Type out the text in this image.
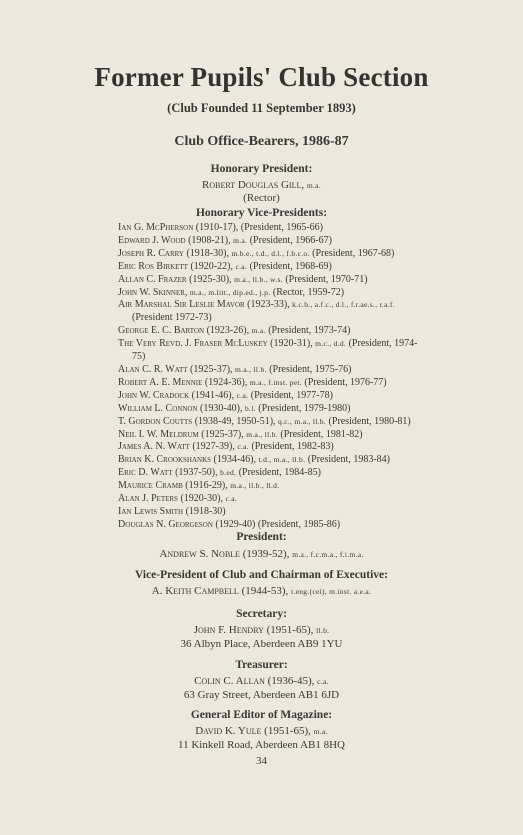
Former Pupils' Club Section
(Club Founded 11 September 1893)
Club Office-Bearers, 1986-87
Honorary President:
Robert Douglas Gill, m.a.
(Rector)
Honorary Vice-Presidents:
Ian G. McPherson (1910-17), (President, 1965-66)
Edward J. Wood (1908-21), m.a. (President, 1966-67)
Joseph R. Carry (1918-30), m.b.e., t.d., d.l., f.b.c.o. (President, 1967-68)
Eric Ros Birkett (1920-22), c.a. (President, 1968-69)
Allan C. Frazer (1925-30), m.a., ll.b., w.s. (President, 1970-71)
John W. Skinner, m.a., m.litt., dip.ed., j.p. (Rector, 1959-72)
Air Marshal Sir Leslie Mavor (1923-33), k.c.b., a.f.c., d.l., f.r.ae.s., r.a.f. (President 1972-73)
George E. C. Barton (1923-26), m.a. (President, 1973-74)
The Very Revd. J. Fraser McLuskey (1920-31), m.c., d.d. (President, 1974-75)
Alan C. R. Watt (1925-37), m.a., ll.b. (President, 1975-76)
Robert A. E. Mennie (1924-36), m.a., f.inst. pet. (President, 1976-77)
John W. Cradock (1941-46), c.a. (President, 1977-78)
William L. Connon (1930-40), b.l. (President, 1979-1980)
T. Gordon Coutts (1938-49, 1950-51), q.c., m.a., ll.b. (President, 1980-81)
Neil I. W. Meldrum (1925-37), m.a., ll.b. (President, 1981-82)
James A. N. Watt (1927-39), c.a. (President, 1982-83)
Brian K. Crookshanks (1934-46), t.d., m.a., ll.b. (President, 1983-84)
Eric D. Watt (1937-50), b.ed. (President, 1984-85)
Maurice Cramb (1916-29), m.a., ll.b., ll.d.
Alan J. Peters (1920-30), c.a.
Ian Lewis Smith (1918-30)
Douglas N. Georgeson (1929-40) (President, 1985-86)
President:
Andrew S. Noble (1939-52), m.a., f.c.m.a., f.i.m.a.
Vice-President of Club and Chairman of Executive:
A. Keith Campbell (1944-53), t.eng.(cei), m.inst. a.e.a.
Secretary:
John F. Hendry (1951-65), ll.b.
36 Albyn Place, Aberdeen AB9 1YU
Treasurer:
Colin C. Allan (1936-45), c.a.
63 Gray Street, Aberdeen AB1 6JD
General Editor of Magazine:
David K. Yule (1951-65), m.a.
11 Kinkell Road, Aberdeen AB1 8HQ
34
